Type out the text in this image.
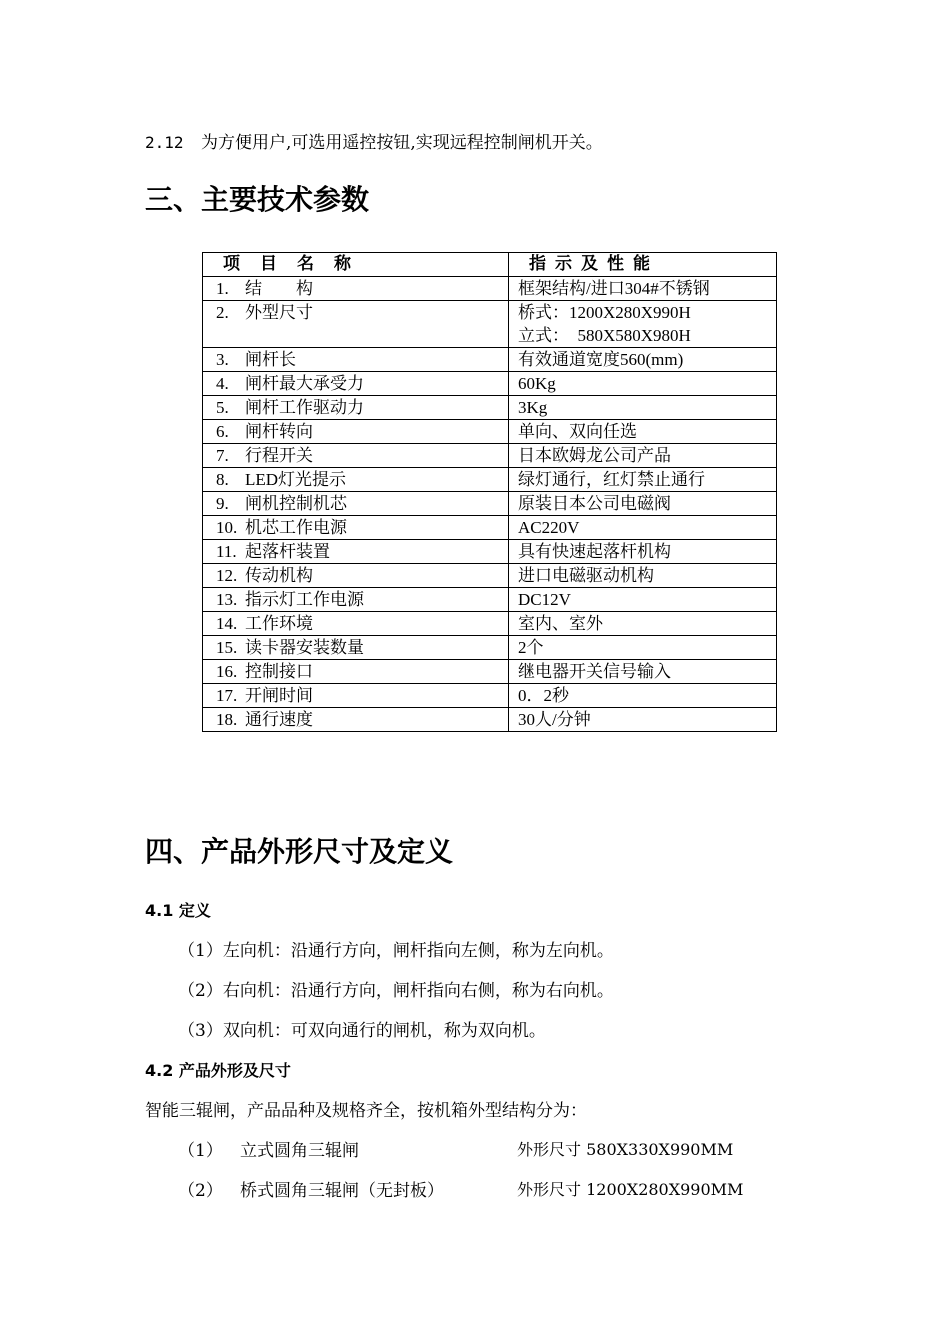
2.12 为方便用户,可选用遥控按钮,实现远程控制闸机开关。
三、主要技术参数
项目名称	指示及性能
1. 结　　构	框架结构/进口304#不锈钢

2. 外型尺寸	桥式：1200X280X990H
立式：　580X580X980H

3. 闸杆长	有效通道宽度560(mm)

4. 闸杆最大承受力	60Kg

5. 闸杆工作驱动力	3Kg

6. 闸杆转向	单向、双向任选

7. 行程开关	日本欧姆龙公司产品

8. LED灯光提示	绿灯通行，红灯禁止通行

9. 闸机控制机芯	原装日本公司电磁阀

10. 机芯工作电源	AC220V

11. 起落杆装置	具有快速起落杆机构

12. 传动机构	进口电磁驱动机构

13. 指示灯工作电源	DC12V

14. 工作环境	室内、室外

15. 读卡器安装数量	2个

16. 控制接口	继电器开关信号输入

17. 开闸时间	0．2秒

18. 通行速度	30人/分钟
四、产品外形尺寸及定义
4.1 定义
（1）左向机：沿通行方向，闸杆指向左侧，称为左向机。
（2）右向机：沿通行方向，闸杆指向右侧，称为右向机。
（3）双向机：可双向通行的闸机，称为双向机。
4.2 产品外形及尺寸
智能三辊闸，产品品种及规格齐全，按机箱外型结构分为：
（1） 立式圆角三辊闸	外形尺寸 580X330X990MM
（2） 桥式圆角三辊闸（无封板）	外形尺寸 1200X280X990MM
